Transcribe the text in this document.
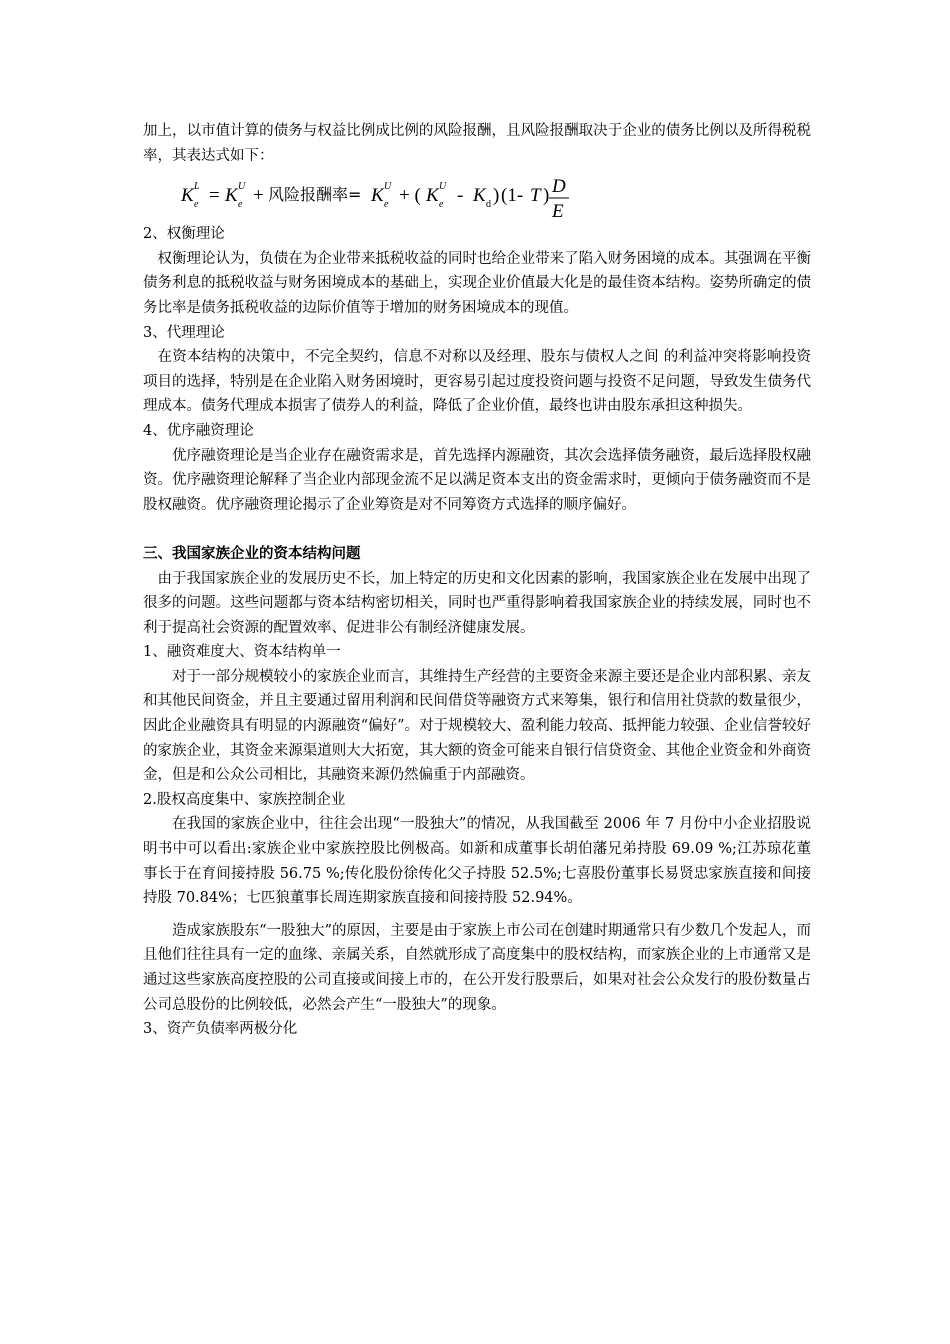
加上，以市值计算的债务与权益比例成比例的风险报酬，且风险报酬取决于企业的债务比例以及所得税税率，其表达式如下：

K e
L = K e
U + 风险报酬率= K e
U + ( K e
U - K d ) (1- T ) D
E

2、权衡理论

权衡理论认为，负债在为企业带来抵税收益的同时也给企业带来了陷入财务困境的成本。其强调在平衡债务利息的抵税收益与财务困境成本的基础上，实现企业价值最大化是的最佳资本结构。姿势所确定的债务比率是债务抵税收益的边际价值等于增加的财务困境成本的现值。

3、代理理论

在资本结构的决策中，不完全契约，信息不对称以及经理、股东与债权人之间 的利益冲突将影响投资项目的选择，特别是在企业陷入财务困境时，更容易引起过度投资问题与投资不足问题，导致发生债务代理成本。债务代理成本损害了债券人的利益，降低了企业价值，最终也讲由股东承担这种损失。

4、优序融资理论

优序融资理论是当企业存在融资需求是，首先选择内源融资，其次会选择债务融资，最后选择股权融资。优序融资理论解释了当企业内部现金流不足以满足资本支出的资金需求时，更倾向于债务融资而不是股权融资。优序融资理论揭示了企业筹资是对不同筹资方式选择的顺序偏好。

三、我国家族企业的资本结构问题

由于我国家族企业的发展历史不长，加上特定的历史和文化因素的影响，我国家族企业在发展中出现了很多的问题。这些问题都与资本结构密切相关，同时也严重得影响着我国家族企业的持续发展，同时也不利于提高社会资源的配置效率、促进非公有制经济健康发展。

1、融资难度大、资本结构单一

对于一部分规模较小的家族企业而言，其维持生产经营的主要资金来源主要还是企业内部积累、亲友和其他民间资金，并且主要通过留用利润和民间借贷等融资方式来筹集，银行和信用社贷款的数量很少，因此企业融资具有明显的内源融资“偏好”。对于规模较大、盈利能力较高、抵押能力较强、企业信誉较好的家族企业，其资金来源渠道则大大拓宽，其大额的资金可能来自银行信贷资金、其他企业资金和外商资金，但是和公众公司相比，其融资来源仍然偏重于内部融资。

2.股权高度集中、家族控制企业

在我国的家族企业中，往往会出现“一股独大”的情况，从我国截至 2006 年 7 月份中小企业招股说明书中可以看出:家族企业中家族控股比例极高。如新和成董事长胡伯藩兄弟持股 69.09 %;江苏琼花董事长于在育间接持股 56.75 %;传化股份徐传化父子持股 52.5%;七喜股份董事长易贤忠家族直接和间接持股 70.84%；七匹狼董事长周连期家族直接和间接持股 52.94%。

造成家族股东“一股独大”的原因，主要是由于家族上市公司在创建时期通常只有少数几个发起人，而且他们往往具有一定的血缘、亲属关系，自然就形成了高度集中的股权结构，而家族企业的上市通常又是通过这些家族高度控股的公司直接或间接上市的，在公开发行股票后，如果对社会公众发行的股份数量占公司总股份的比例较低，必然会产生“一股独大”的现象。

3、资产负债率两极分化
